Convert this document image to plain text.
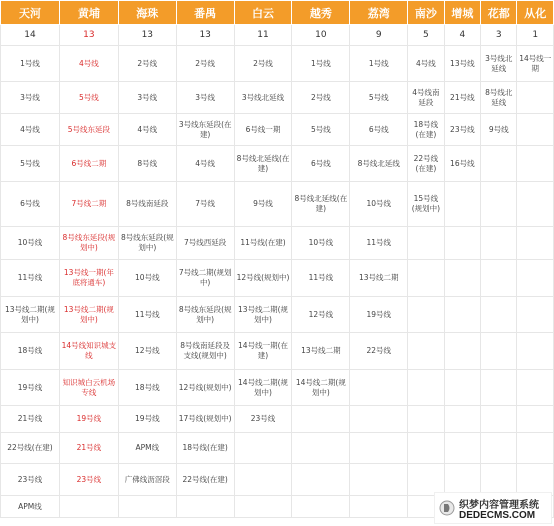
天河	黄埔	海珠	番禺	白云	越秀	荔湾	南沙	增城	花都	从化
14	13	13	13	11	10	9	5	4	3	1
1号线	4号线	2号线	2号线	2号线	1号线	1号线	4号线	13号线	3号线北延线	14号线一期
3号线	5号线	3号线	3号线	3号线北延线	2号线	5号线	4号线南延段	21号线	8号线北延线	
4号线	5号线东延段	4号线	3号线东延段(在建)	6号线一期	5号线	6号线	18号线(在建)	23号线	9号线	
5号线	6号线二期	8号线	4号线	8号线北延线(在建)	6号线	8号线北延线	22号线(在建)	16号线		
6号线	7号线二期	8号线南延段	7号线	9号线	8号线北延线(在建)	10号线	15号线(规划中)			
10号线	8号线东延段(规划中)	8号线东延段(规划中)	7号线西延段	11号线(在建)	10号线	11号线				
11号线	13号线一期(年底将通车)	10号线	7号线二期(规划中)	12号线(规划中)	11号线	13号线二期				
13号线二期(规划中)	13号线二期(规划中)	11号线	8号线东延段(规划中)	13号线二期(规划中)	12号线	19号线				
18号线	14号线知识城支线	12号线	8号线南延段及支线(规划中)	14号线一期(在建)	13号线二期	22号线				
19号线	知识城白云机场专线	18号线	12号线(规划中)	14号线二期(规划中)	14号线二期(规划中)					
21号线	19号线	19号线	17号线(规划中)	23号线						
22号线(在建)	21号线	APM线	18号线(在建)							
23号线	23号线	广佛线沥滘段	22号线(在建)							
APM线											织梦内容管理系统
DEDECMS.COM
